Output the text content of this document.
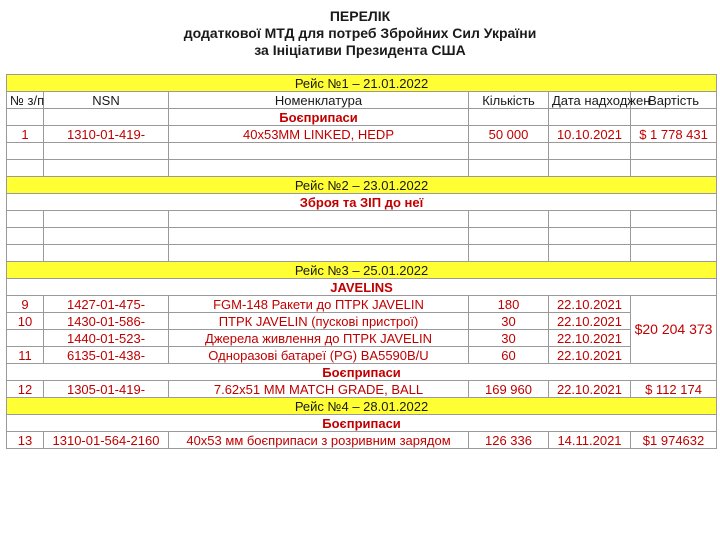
ПЕРЕЛІК
додаткової МТД для потреб Збройних Сил України
за Ініціативи Президента США
Рейс №1 – 21.01.2022					
№ з/п	NSN	Номенклатура	Кількість	Дата надходжен	Вартість
		Боєприпаси			
1	1310-01-419-	40x53MM LINKED, HEDP	50 000	10.10.2021	$ 1 778 431

Рейс №2 – 23.01.2022					
Зброя та ЗІП до неї					

Рейс №3 – 25.01.2022					
JAVELINS					
9	1427-01-475-	FGM-148 Ракети до ПТРК JAVELIN	180	22.10.2021	$20 204 373
10	1430-01-586-	ПТРК JAVELIN (пускові пристрої)	30	22.10.2021	
	1440-01-523-	Джерела живлення до ПТРК JAVELIN	30	22.10.2021	
11	6135-01-438-	Одноразові батареї (PG) BA5590B/U	60	22.10.2021	
Боєприпаси					
12	1305-01-419-	7.62x51 MM MATCH GRADE, BALL	169 960	22.10.2021	$ 112 174
Рейс №4 – 28.01.2022					
Боєприпаси					
13	1310-01-564-2160	40x53 мм боєприпаси з розривним зарядом	126 336	14.11.2021	$1 974632
